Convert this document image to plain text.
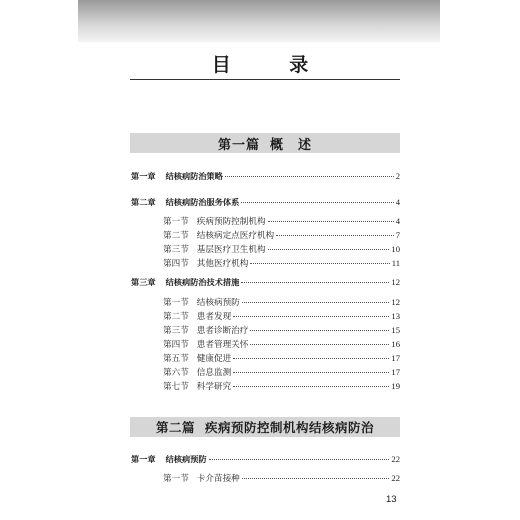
目 录
第一篇 概　述
第一章 结核病防治策略	2
第二章 结核病防治服务体系	4
第一节 疾病预防控制机构	4
第二节 结核病定点医疗机构	7
第三节 基层医疗卫生机构	10
第四节 其他医疗机构	11
第三章 结核病防治技术措施	12
第一节 结核病预防	12
第二节 患者发现	13
第三节 患者诊断治疗	15
第四节 患者管理关怀	16
第五节 健康促进	17
第六节 信息监测	17
第七节 科学研究	19
第二篇 疾病预防控制机构结核病防治
第一章 结核病预防	22
第一节 卡介苗接种	22
13
